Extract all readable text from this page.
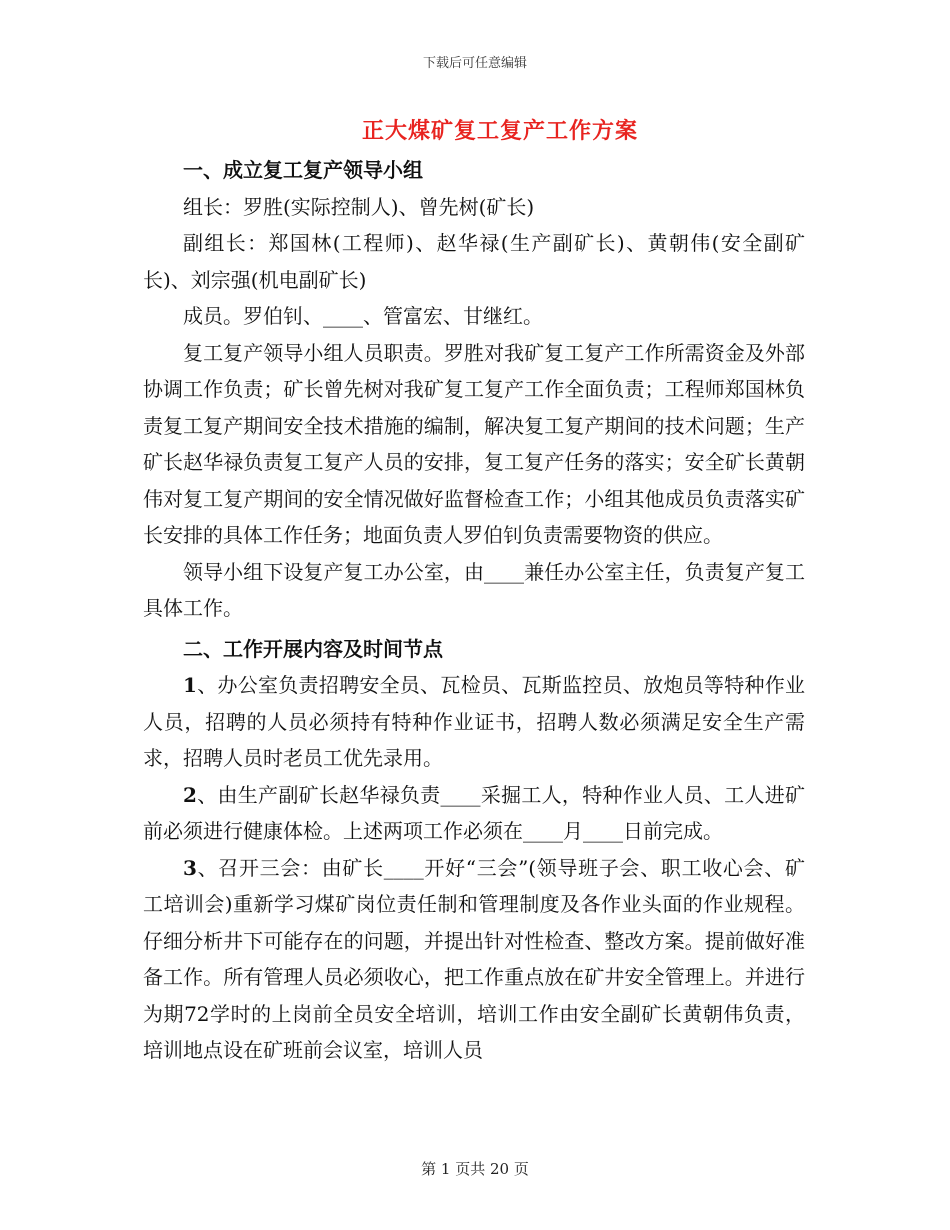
下载后可任意编辑
正大煤矿复工复产工作方案

一、成立复工复产领导小组

组长：罗胜(实际控制人)、曾先树(矿长)

副组长：郑国林(工程师)、赵华禄(生产副矿长)、黄朝伟(安全副矿长)、刘宗强(机电副矿长)

成员。罗伯钊、____、管富宏、甘继红。

复工复产领导小组人员职责。罗胜对我矿复工复产工作所需资金及外部协调工作负责；矿长曾先树对我矿复工复产工作全面负责；工程师郑国林负责复工复产期间安全技术措施的编制，解决复工复产期间的技术问题；生产矿长赵华禄负责复工复产人员的安排，复工复产任务的落实；安全矿长黄朝伟对复工复产期间的安全情况做好监督检查工作；小组其他成员负责落实矿长安排的具体工作任务；地面负责人罗伯钊负责需要物资的供应。

领导小组下设复产复工办公室，由____兼任办公室主任，负责复产复工具体工作。

二、工作开展内容及时间节点

1、办公室负责招聘安全员、瓦检员、瓦斯监控员、放炮员等特种作业人员，招聘的人员必须持有特种作业证书，招聘人数必须满足安全生产需求，招聘人员时老员工优先录用。

2、由生产副矿长赵华禄负责____采掘工人，特种作业人员、工人进矿前必须进行健康体检。上述两项工作必须在____月____日前完成。

3、召开三会：由矿长____开好“三会”(领导班子会、职工收心会、矿工培训会)重新学习煤矿岗位责任制和管理制度及各作业头面的作业规程。仔细分析井下可能存在的问题，并提出针对性检查、整改方案。提前做好准备工作。所有管理人员必须收心，把工作重点放在矿井安全管理上。并进行为期72学时的上岗前全员安全培训，培训工作由安全副矿长黄朝伟负责，培训地点设在矿班前会议室，培训人员

第 1 页共 20 页
